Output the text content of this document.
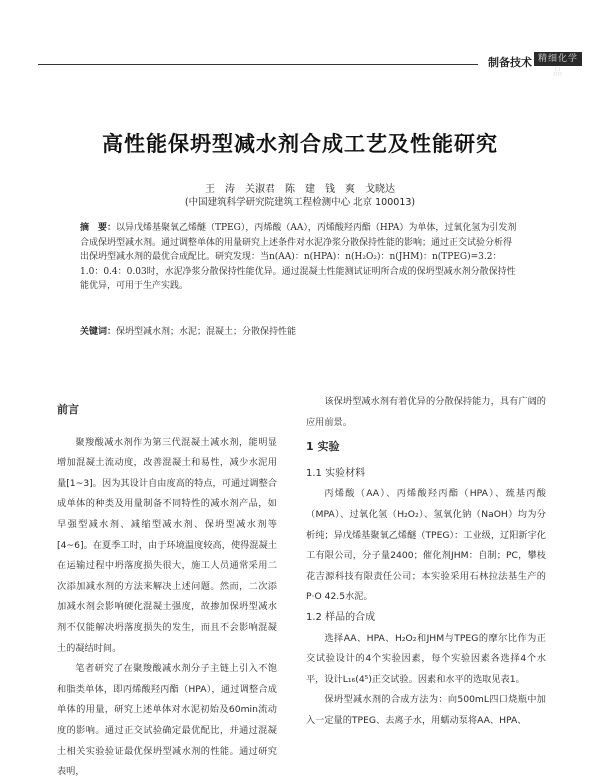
制备技术 精细化学品
高性能保坍型减水剂合成工艺及性能研究
王　涛　关淑君　陈　建　钱　爽　戈晓达
(中国建筑科学研究院建筑工程检测中心 北京 100013)
摘　要：以异戊烯基聚氧乙烯醚（TPEG），丙烯酸（AA），丙烯酸羟丙酯（HPA）为单体，过氧化氢为引发剂合成保坍型减水剂。通过调整单体的用量研究上述条件对水泥净浆分散保持性能的影响；通过正交试验分析得出保坍型减水剂的最优合成配比。研究发现：当n(AA)：n(HPA)：n(H₂O₂)：n(JHM)：n(TPEG)=3.2：1.0：0.4：0.03时，水泥净浆分散保持性能优异。通过混凝土性能测试证明所合成的保坍型减水剂分散保持性能优异，可用于生产实践。
关键词：保坍型减水剂；水泥；混凝土；分散保持性能
前言

聚羧酸减水剂作为第三代混凝土减水剂，能明显增加混凝土流动度，改善混凝土和易性，减少水泥用量[1~3]。因为其设计自由度高的特点，可通过调整合成单体的种类及用量制备不同特性的减水剂产品，如早强型减水剂、减缩型减水剂、保坍型减水剂等[4~6]。在夏季工时，由于环境温度较高，使得混凝土在运输过程中坍落度损失很大，施工人员通常采用二次添加减水剂的方法来解决上述问题。然而，二次添加减水剂会影响硬化混凝土强度，故掺加保坍型减水剂不仅能解决坍落度损失的发生，而且不会影响混凝土的凝结时间。

笔者研究了在聚羧酸减水剂分子主链上引入不饱和脂类单体，即丙烯酸羟丙酯（HPA），通过调整合成单体的用量，研究上述单体对水泥初始及60min流动度的影响。通过正交试验确定最优配比，并通过混凝土相关实验验证最优保坍型减水剂的性能。通过研究表明，

该保坍型减水剂有着优异的分散保持能力，具有广阔的应用前景。

1 实验
1.1 实验材料

丙烯酸（AA）、丙烯酸羟丙酯（HPA）、巯基丙酸（MPA）、过氧化氢（H₂O₂）、氢氧化钠（NaOH）均为分析纯；异戊烯基聚氧乙烯醚（TPEG）：工业级，辽阳新宇化工有限公司，分子量2400；催化剂JHM：自制；PC，攀枝花吉源科技有限责任公司；本实验采用石林拉法基生产的P·O 42.5水泥。

1.2 样品的合成

选择AA、HPA、H₂O₂和JHM与TPEG的摩尔比作为正交试验设计的4个实验因素，每个实验因素各选择4个水平，设计L₁₆(4⁵)正交试验。因素和水平的选取见表1。

保坍型减水剂的合成方法为：向500mL四口烧瓶中加入一定量的TPEG、去离子水，用蠕动泵将AA、HPA、
